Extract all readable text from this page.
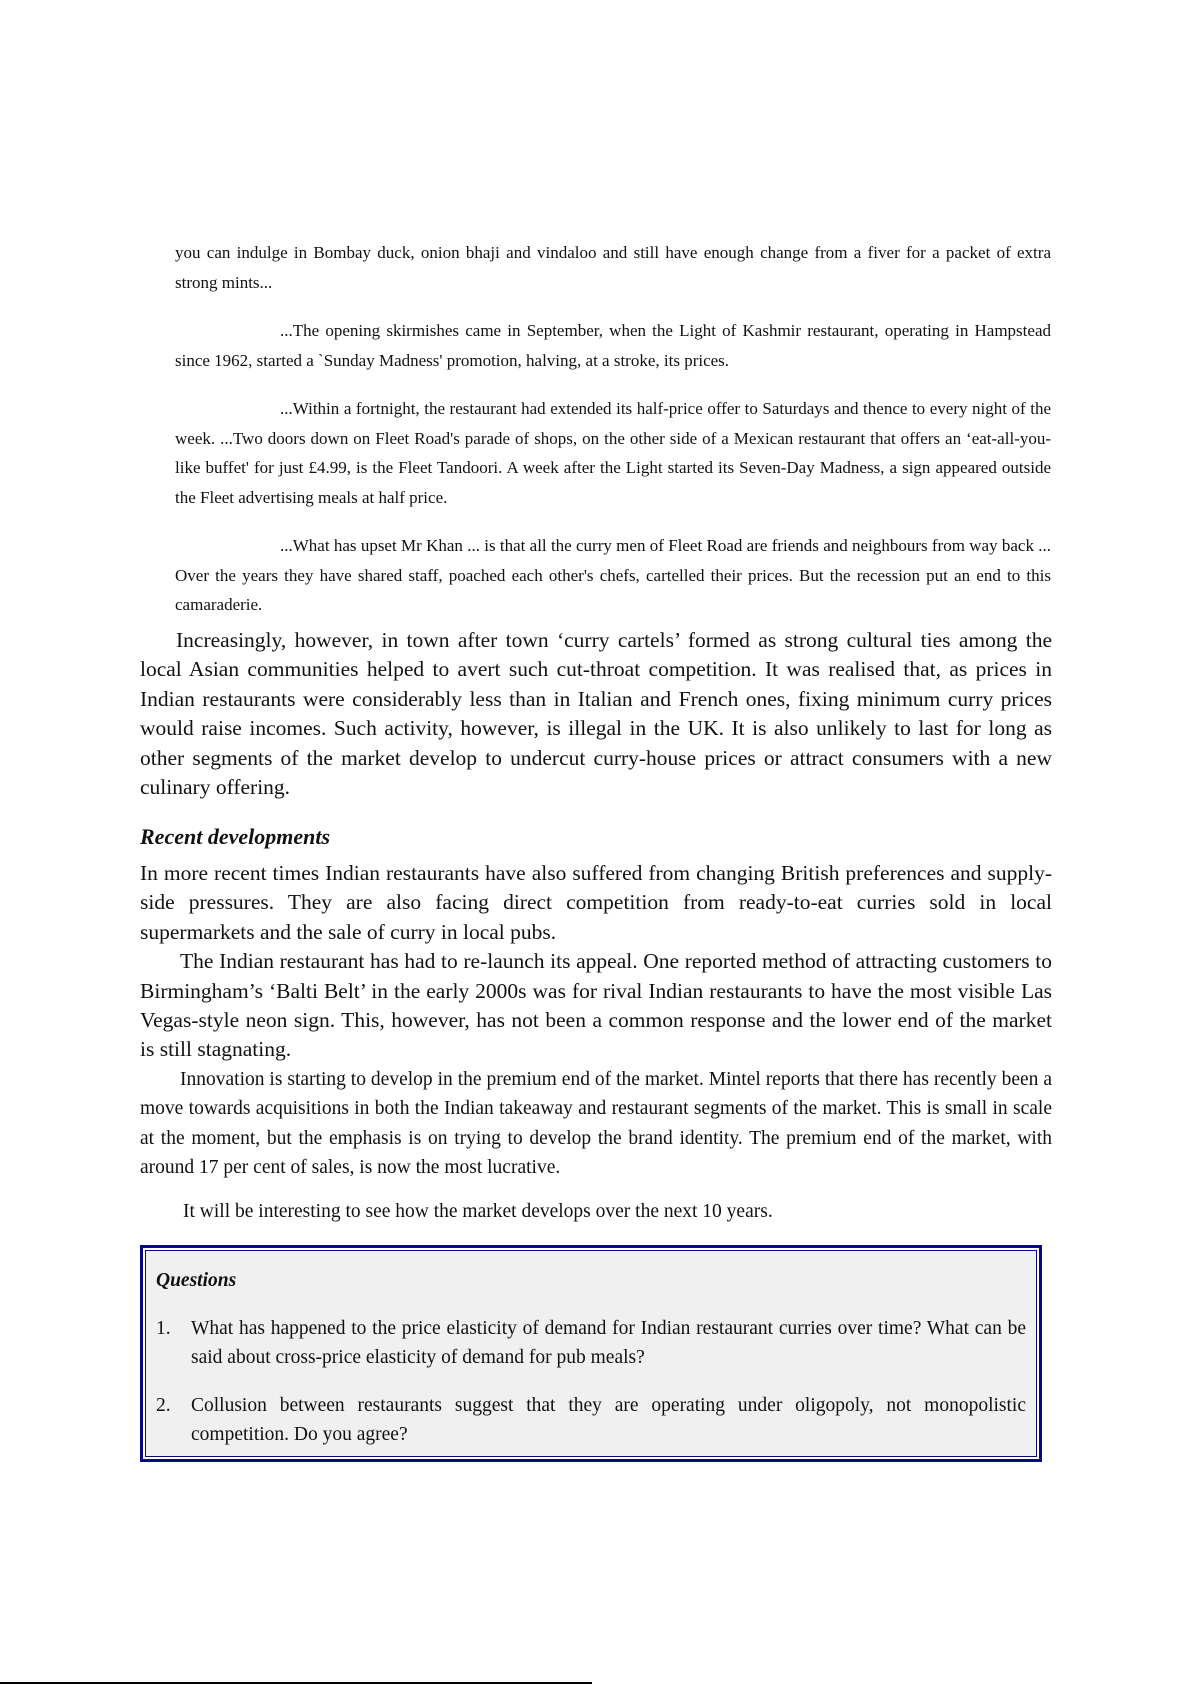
you can indulge in Bombay duck, onion bhaji and vindaloo and still have enough change from a fiver for a packet of extra strong mints...

...The opening skirmishes came in September, when the Light of Kashmir restaurant, operating in Hampstead since 1962, started a `Sunday Madness' promotion, halving, at a stroke, its prices.

...Within a fortnight, the restaurant had extended its half-price offer to Saturdays and thence to every night of the week. ...Two doors down on Fleet Road's parade of shops, on the other side of a Mexican restaurant that offers an ‘eat-all-you-like buffet' for just £4.99, is the Fleet Tandoori. A week after the Light started its Seven-Day Madness, a sign appeared outside the Fleet advertising meals at half price.

...What has upset Mr Khan ... is that all the curry men of Fleet Road are friends and neighbours from way back ... Over the years they have shared staff, poached each other's chefs, cartelled their prices. But the recession put an end to this camaraderie.

Increasingly, however, in town after town ‘curry cartels’ formed as strong cultural ties among the local Asian communities helped to avert such cut-throat competition. It was realised that, as prices in Indian restaurants were considerably less than in Italian and French ones, fixing minimum curry prices would raise incomes. Such activity, however, is illegal in the UK. It is also unlikely to last for long as other segments of the market develop to undercut curry-house prices or attract consumers with a new culinary offering.
Recent developments

In more recent times Indian restaurants have also suffered from changing British preferences and supply-side pressures. They are also facing direct competition from ready-to-eat curries sold in local supermarkets and the sale of curry in local pubs.

The Indian restaurant has had to re-launch its appeal. One reported method of attracting customers to Birmingham’s ‘Balti Belt’ in the early 2000s was for rival Indian restaurants to have the most visible Las Vegas-style neon sign. This, however, has not been a common response and the lower end of the market is still stagnating.

Innovation is starting to develop in the premium end of the market. Mintel reports that there has recently been a move towards acquisitions in both the Indian takeaway and restaurant segments of the market. This is small in scale at the moment, but the emphasis is on trying to develop the brand identity. The premium end of the market, with around 17 per cent of sales, is now the most lucrative.

It will be interesting to see how the market develops over the next 10 years.
Questions
1.	What has happened to the price elasticity of demand for Indian restaurant curries over time? What can be said about cross-price elasticity of demand for pub meals?
2.	Collusion between restaurants suggest that they are operating under oligopoly, not monopolistic competition. Do you agree?
